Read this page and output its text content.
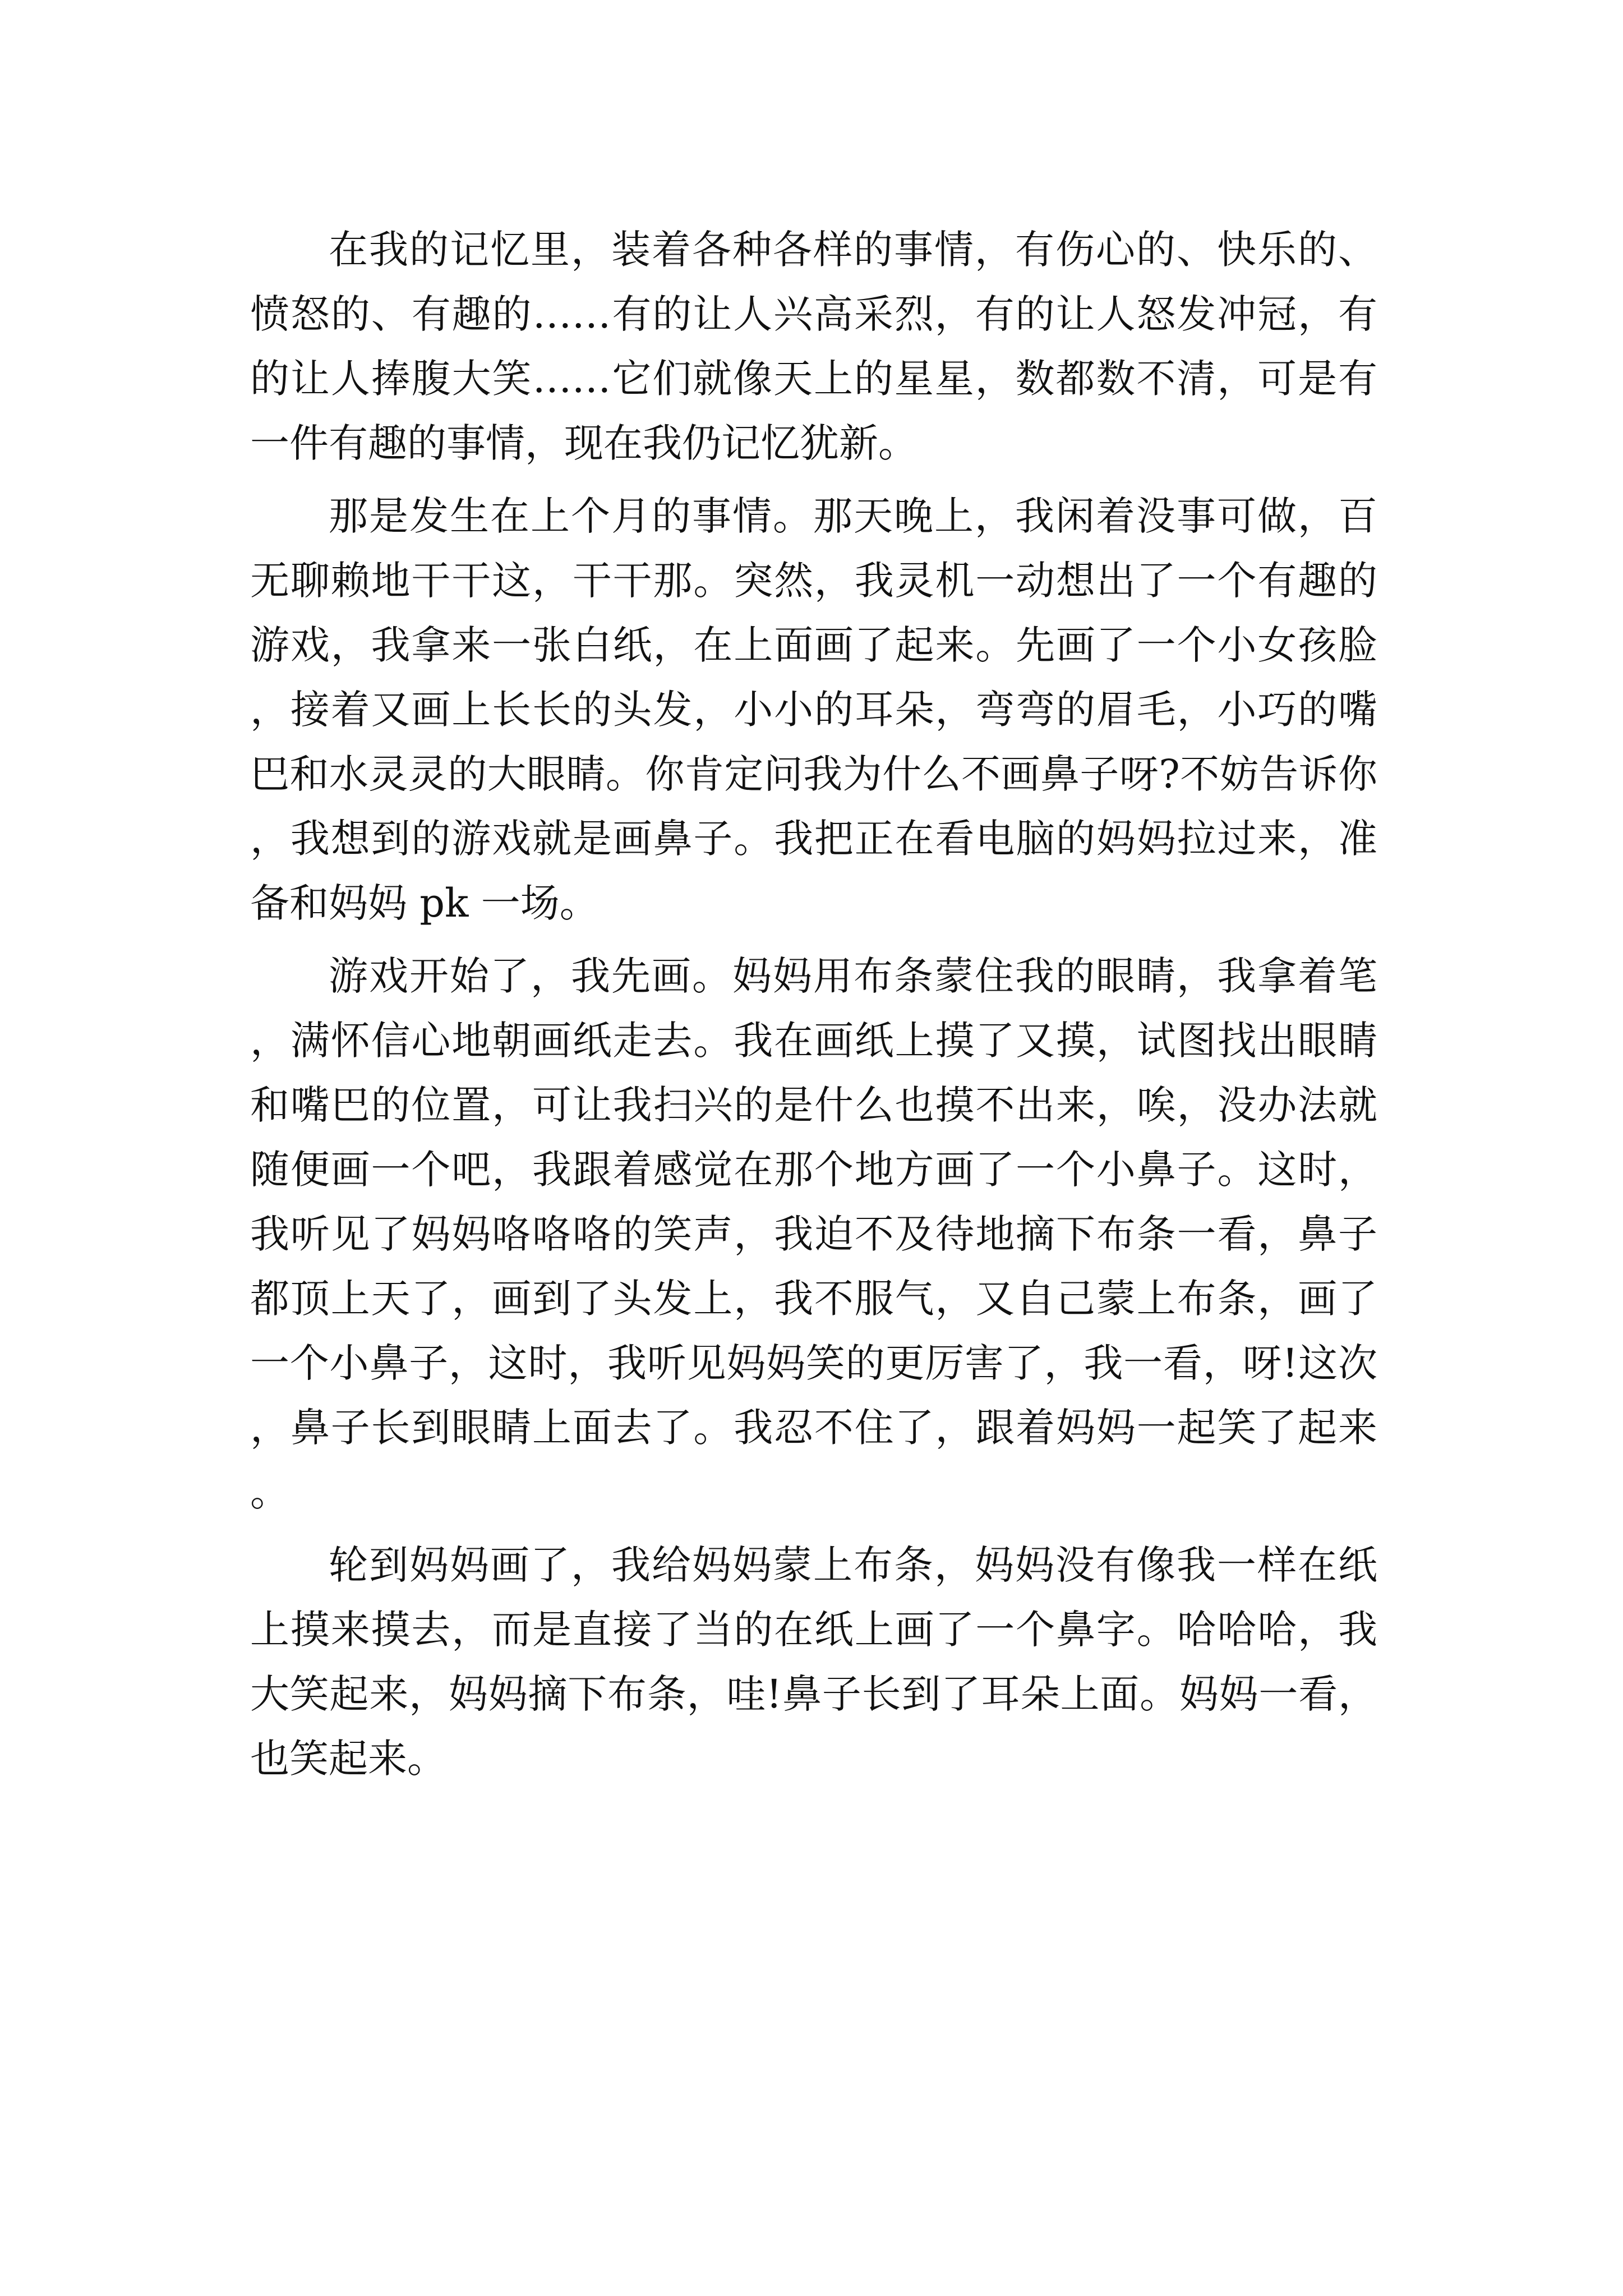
在我的记忆里，装着各种各样的事情，有伤心的、快乐的、愤怒的、有趣的……有的让人兴高采烈，有的让人怒发冲冠，有的让人捧腹大笑……它们就像天上的星星，数都数不清，可是有一件有趣的事情，现在我仍记忆犹新。

那是发生在上个月的事情。那天晚上，我闲着没事可做，百无聊赖地干干这，干干那。突然，我灵机一动想出了一个有趣的游戏，我拿来一张白纸，在上面画了起来。先画了一个小女孩脸，接着又画上长长的头发，小小的耳朵，弯弯的眉毛，小巧的嘴巴和水灵灵的大眼睛。你肯定问我为什么不画鼻子呀?不妨告诉你，我想到的游戏就是画鼻子。我把正在看电脑的妈妈拉过来，准备和妈妈 pk 一场。

游戏开始了，我先画。妈妈用布条蒙住我的眼睛，我拿着笔，满怀信心地朝画纸走去。我在画纸上摸了又摸，试图找出眼睛和嘴巴的位置，可让我扫兴的是什么也摸不出来，唉，没办法就随便画一个吧，我跟着感觉在那个地方画了一个小鼻子。这时，我听见了妈妈咯咯咯的笑声，我迫不及待地摘下布条一看，鼻子都顶上天了，画到了头发上，我不服气，又自己蒙上布条，画了一个小鼻子，这时，我听见妈妈笑的更厉害了，我一看，呀!这次，鼻子长到眼睛上面去了。我忍不住了，跟着妈妈一起笑了起来。

轮到妈妈画了，我给妈妈蒙上布条，妈妈没有像我一样在纸上摸来摸去，而是直接了当的在纸上画了一个鼻字。哈哈哈，我大笑起来，妈妈摘下布条，哇!鼻子长到了耳朵上面。妈妈一看，也笑起来。
